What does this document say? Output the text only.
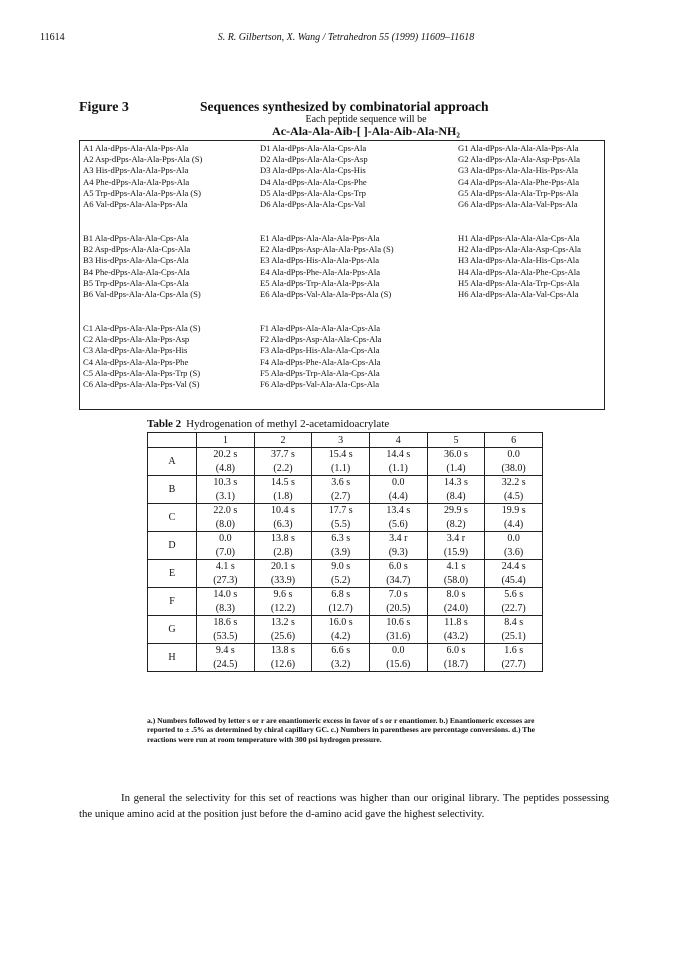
11614	S. R. Gilbertson, X. Wang / Tetrahedron 55 (1999) 11609–11618
Figure 3	Sequences synthesized by combinatorial approach
Each peptide sequence will be
Ac-Ala-Ala-Aib-[ ]-Ala-Aib-Ala-NH₂
A1 Ala-dPps-Ala-Ala-Pps-Ala
A2 Asp-dPps-Ala-Ala-Pps-Ala (S)
A3 His-dPps-Ala-Ala-Pps-Ala
A4 Phe-dPps-Ala-Ala-Pps-Ala
A5 Trp-dPps-Ala-Ala-Pps-Ala (S)
A6 Val-dPps-Ala-Ala-Pps-Ala
D1 Ala-dPps-Ala-Ala-Cps-Ala
D2 Ala-dPps-Ala-Ala-Cps-Asp
D3 Ala-dPps-Ala-Ala-Cps-His
D4 Ala-dPps-Ala-Ala-Cps-Phe
D5 Ala-dPps-Ala-Ala-Cps-Trp
D6 Ala-dPps-Ala-Ala-Cps-Val
G1 Ala-dPps-Ala-Ala-Ala-Pps-Ala
G2 Ala-dPps-Ala-Ala-Asp-Pps-Ala
G3 Ala-dPps-Ala-Ala-His-Pps-Ala
G4 Ala-dPps-Ala-Ala-Phe-Pps-Ala
G5 Ala-dPps-Ala-Ala-Trp-Pps-Ala
G6 Ala-dPps-Ala-Ala-Val-Pps-Ala
B1 Ala-dPps-Ala-Ala-Cps-Ala
B2 Asp-dPps-Ala-Ala-Cps-Ala
B3 His-dPps-Ala-Ala-Cps-Ala
B4 Phe-dPps-Ala-Ala-Cps-Ala
B5 Trp-dPps-Ala-Ala-Cps-Ala
B6 Val-dPps-Ala-Ala-Cps-Ala (S)
E1 Ala-dPps-Ala-Ala-Ala-Pps-Ala
E2 Ala-dPps-Asp-Ala-Ala-Pps-Ala (S)
E3 Ala-dPps-His-Ala-Ala-Pps-Ala
E4 Ala-dPps-Phe-Ala-Ala-Pps-Ala
E5 Ala-dPps-Trp-Ala-Ala-Pps-Ala
E6 Ala-dPps-Val-Ala-Ala-Pps-Ala (S)
H1 Ala-dPps-Ala-Ala-Ala-Cps-Ala
H2 Ala-dPps-Ala-Ala-Asp-Cps-Ala
H3 Ala-dPps-Ala-Ala-His-Cps-Ala
H4 Ala-dPps-Ala-Ala-Phe-Cps-Ala
H5 Ala-dPps-Ala-Ala-Trp-Cps-Ala
H6 Ala-dPps-Ala-Ala-Val-Cps-Ala
C1 Ala-dPps-Ala-Ala-Pps-Ala (S)
C2 Ala-dPps-Ala-Ala-Pps-Asp
C3 Ala-dPps-Ala-Ala-Pps-His
C4 Ala-dPps-Ala-Ala-Pps-Phe
C5 Ala-dPps-Ala-Ala-Pps-Trp (S)
C6 Ala-dPps-Ala-Ala-Pps-Val (S)
F1 Ala-dPps-Ala-Ala-Ala-Cps-Ala
F2 Ala-dPps-Asp-Ala-Ala-Cps-Ala
F3 Ala-dPps-His-Ala-Ala-Cps-Ala
F4 Ala-dPps-Phe-Ala-Ala-Cps-Ala
F5 Ala-dPps-Trp-Ala-Ala-Cps-Ala
F6 Ala-dPps-Val-Ala-Ala-Cps-Ala
Table 2 Hydrogenation of methyl 2-acetamidoacrylate
	1	2	3	4	5	6
A	20.2 s	37.7 s	15.4 s	14.4 s	36.0 s	0.0
	(4.8)	(2.2)	(1.1)	(1.1)	(1.4)	(38.0)
B	10.3 s	14.5 s	3.6 s	0.0	14.3 s	32.2 s
	(3.1)	(1.8)	(2.7)	(4.4)	(8.4)	(4.5)
C	22.0 s	10.4 s	17.7 s	13.4 s	29.9 s	19.9 s
	(8.0)	(6.3)	(5.5)	(5.6)	(8.2)	(4.4)
D	0.0	13.8 s	6.3 s	3.4 r	3.4 r	0.0
	(7.0)	(2.8)	(3.9)	(9.3)	(15.9)	(3.6)
E	4.1 s	20.1 s	9.0 s	6.0 s	4.1 s	24.4 s
	(27.3)	(33.9)	(5.2)	(34.7)	(58.0)	(45.4)
F	14.0 s	9.6 s	6.8 s	7.0 s	8.0 s	5.6 s
	(8.3)	(12.2)	(12.7)	(20.5)	(24.0)	(22.7)
G	18.6 s	13.2 s	16.0 s	10.6 s	11.8 s	8.4 s
	(53.5)	(25.6)	(4.2)	(31.6)	(43.2)	(25.1)
H	9.4 s	13.8 s	6.6 s	0.0	6.0 s	1.6 s
	(24.5)	(12.6)	(3.2)	(15.6)	(18.7)	(27.7)
a.) Numbers followed by letter s or r are enantiomeric excess in favor of s or r enantiomer. b.) Enantiomeric excesses are reported to ± .5% as determined by chiral capillary GC. c.) Numbers in parentheses are percentage conversions. d.) The reactions were run at room temperature with 300 psi hydrogen pressure.
In general the selectivity for this set of reactions was higher than our original library. The peptides possessing the unique amino acid at the position just before the d-amino acid gave the highest selectivity.
